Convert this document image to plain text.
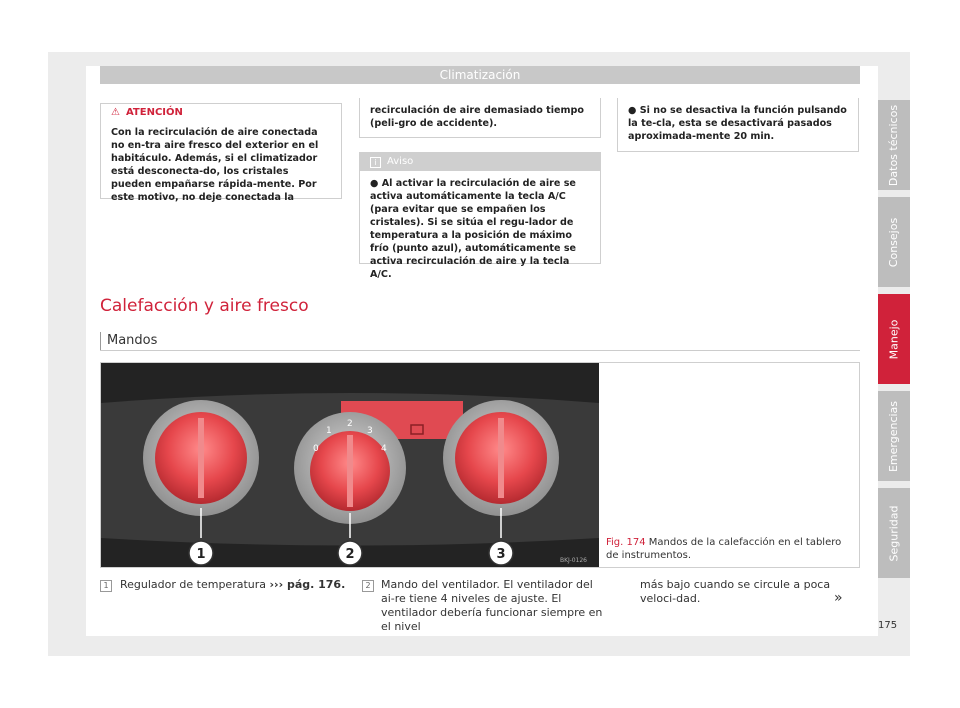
Climatización
Datos técnicos
Consejos
Manejo
Emergencias
Seguridad
⚠ ATENCIÓN
Con la recirculación de aire conectada no en-tra aire fresco del exterior en el habitáculo. Además, si el climatizador está desconecta-do, los cristales pueden empañarse rápida-mente. Por este motivo, no deje conectada la
recirculación de aire demasiado tiempo (peli-gro de accidente).
i	Aviso
● Al activar la recirculación de aire se activa automáticamente la tecla A/C (para evitar que se empañen los cristales). Si se sitúa el regu-lador de temperatura a la posición de máximo frío (punto azul), automáticamente se activa recirculación de aire y la tecla A/C.
● Si no se desactiva la función pulsando la te-cla, esta se desactivará pasados aproximada-mente 20 min.
Calefacción y aire fresco
Mandos
1	2	3
0
1
2
3
4
BKJ-0126
Fig. 174 Mandos de la calefacción en el tablero de instrumentos.
1	Regulador de temperatura ››› pág. 176.	2 Mando del ventilador. El ventilador del ai-re tiene 4 niveles de ajuste. El ventilador debería funcionar siempre en el nivel
más bajo cuando se circule a poca veloci-dad.	»
175
